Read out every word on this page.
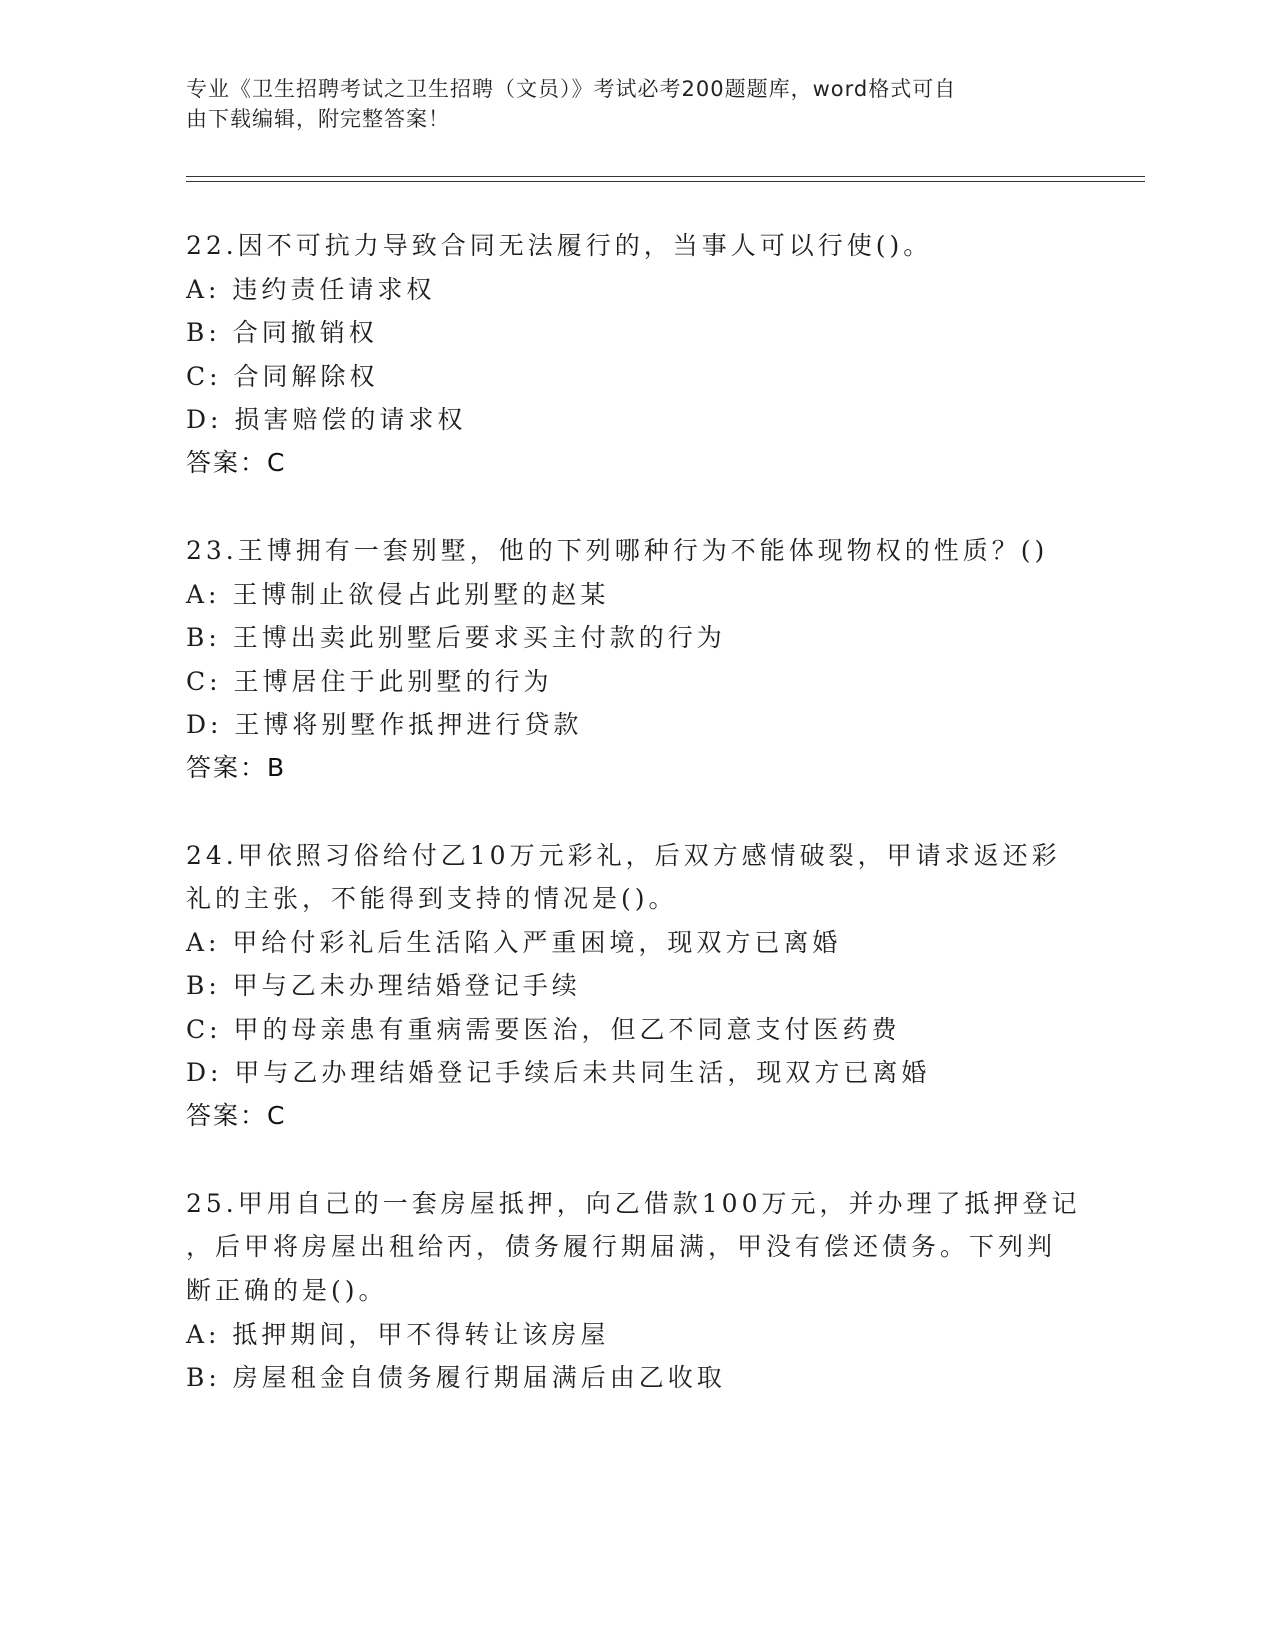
专业《卫生招聘考试之卫生招聘（文员）》考试必考200题题库，word格式可自
由下载编辑，附完整答案！
22.因不可抗力导致合同无法履行的，当事人可以行使()。
A: 违约责任请求权
B: 合同撤销权
C: 合同解除权
D: 损害赔偿的请求权
答案：C
23.王博拥有一套别墅，他的下列哪种行为不能体现物权的性质？()
A: 王博制止欲侵占此别墅的赵某
B: 王博出卖此别墅后要求买主付款的行为
C: 王博居住于此别墅的行为
D: 王博将别墅作抵押进行贷款
答案：B
24.甲依照习俗给付乙10万元彩礼，后双方感情破裂，甲请求返还彩
礼的主张，不能得到支持的情况是()。
A: 甲给付彩礼后生活陷入严重困境，现双方已离婚
B: 甲与乙未办理结婚登记手续
C: 甲的母亲患有重病需要医治，但乙不同意支付医药费
D: 甲与乙办理结婚登记手续后未共同生活，现双方已离婚
答案：C
25.甲用自己的一套房屋抵押，向乙借款100万元，并办理了抵押登记
，后甲将房屋出租给丙，债务履行期届满，甲没有偿还债务。下列判
断正确的是()。
A: 抵押期间，甲不得转让该房屋
B: 房屋租金自债务履行期届满后由乙收取
